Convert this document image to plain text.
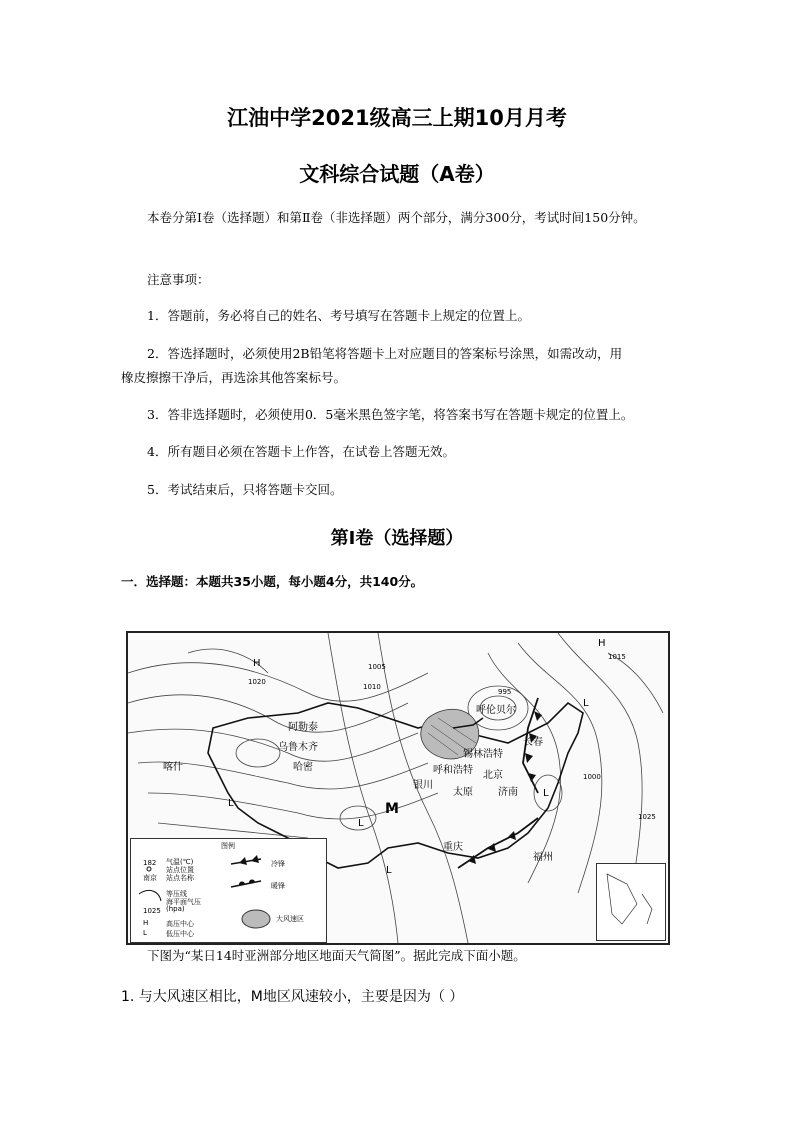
江油中学2021级高三上期10月月考
文科综合试题（A卷）
本卷分第Ⅰ卷（选择题）和第Ⅱ卷（非选择题）两个部分，满分300分，考试时间150分钟。
注意事项：
1．答题前，务必将自己的姓名、考号填写在答题卡上规定的位置上。
2．答选择题时，必须使用2B铅笔将答题卡上对应题目的答案标号涂黑，如需改动，用
橡皮擦擦干净后，再选涂其他答案标号。
3．答非选择题时，必须使用0．5毫米黑色签字笔，将答案书写在答题卡规定的位置上。
4．所有题目必须在答题卡上作答，在试卷上答题无效。
5．考试结束后，只将答题卡交回。
第Ⅰ卷（选择题）
一．选择题：本题共35小题，每小题4分，共140分。
H
H
M
呼伦贝尔
乌鲁木齐	长春
锡林浩特
呼和浩特
银川
太原
北京
济南
重庆
福州
喀什	哈密
阿勒泰
1020
1005
1010
1015
1000
995
1025
L
L
L
L
L
图例
182 气温(℃)
站点位置
站点名称
南京
等压线
海平面气压
(hpa)
1025
H	高压中心
L	低压中心
冷锋
暖锋
大风速区
下图为“某日14时亚洲部分地区地面天气简图”。据此完成下面小题。
1. 与大风速区相比，M地区风速较小，主要是因为（ ）
